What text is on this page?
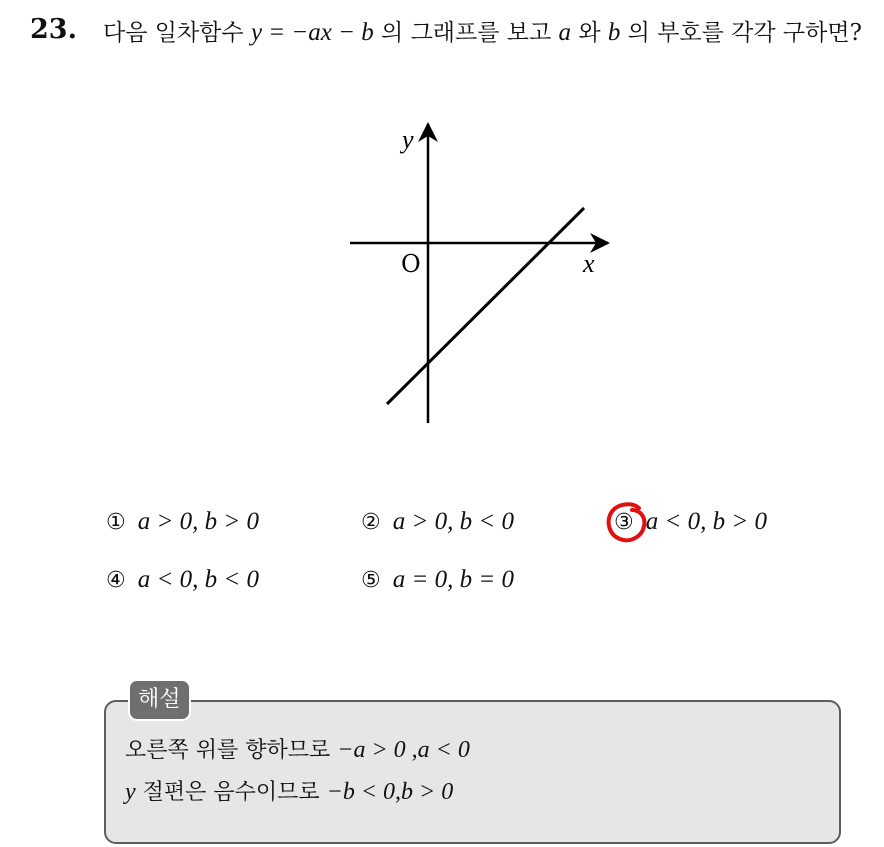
23. 다음 일차함수 y = −ax − b 의 그래프를 보고 a 와 b 의 부호를 각각 구하면?
y
x
O
① a > 0, b > 0	② a > 0, b < 0	③ a < 0, b > 0
④ a < 0, b < 0	⑤ a = 0, b = 0
해설
오른쪽 위를 향하므로 −a > 0 ,a < 0
y 절편은 음수이므로 −b < 0,b > 0
